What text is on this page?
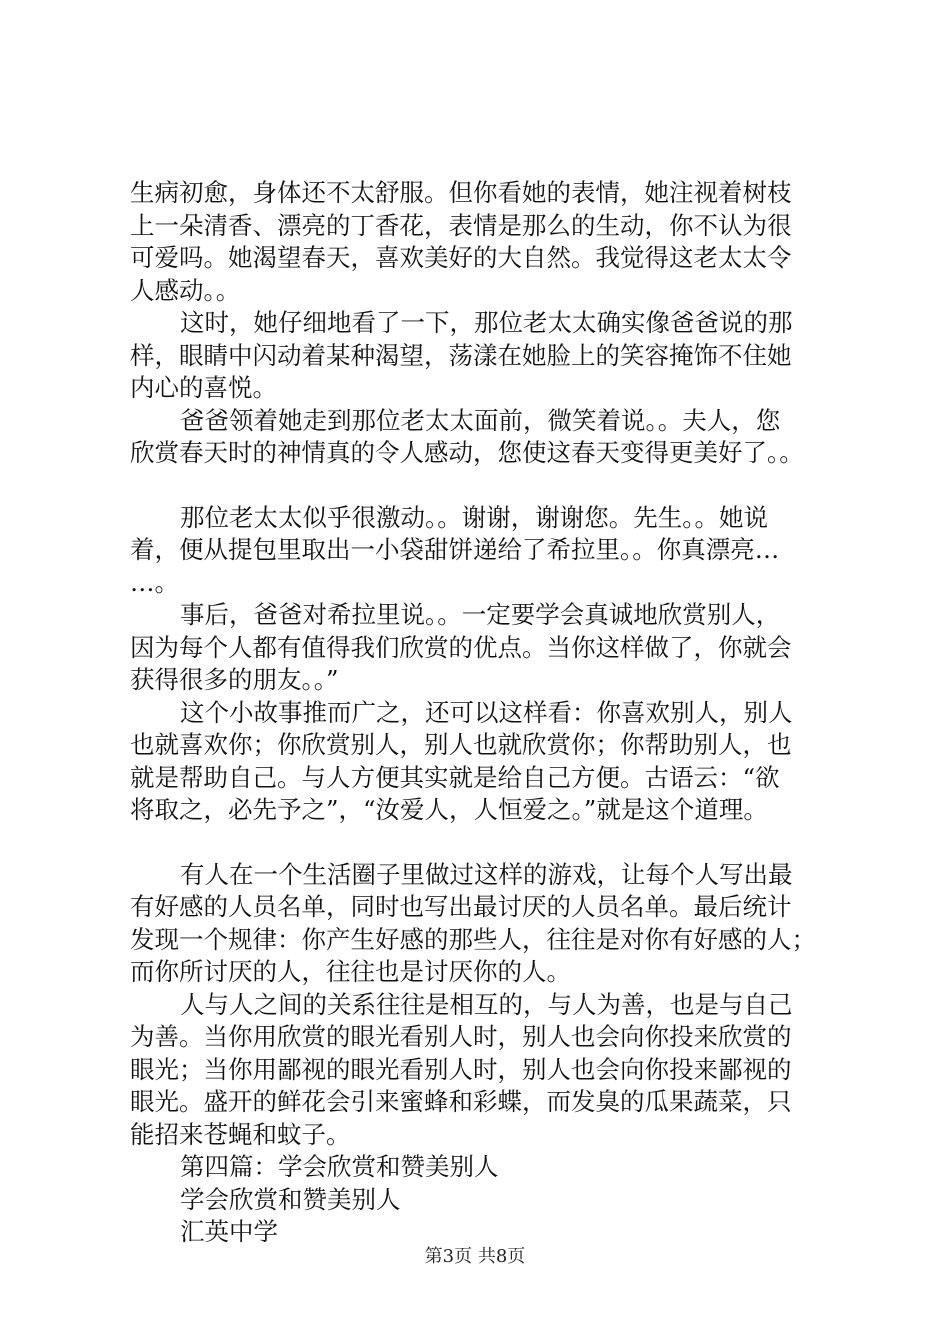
生病初愈，身体还不太舒服。但你看她的表情，她注视着树枝

上一朵清香、漂亮的丁香花，表情是那么的生动，你不认为很

可爱吗。她渴望春天，喜欢美好的大自然。我觉得这老太太令

人感动。。

这时，她仔细地看了一下，那位老太太确实像爸爸说的那

样，眼睛中闪动着某种渴望，荡漾在她脸上的笑容掩饰不住她

内心的喜悦。

爸爸领着她走到那位老太太面前，微笑着说。。夫人，您

欣赏春天时的神情真的令人感动，您使这春天变得更美好了。。

那位老太太似乎很激动。。谢谢，谢谢您。先生。。她说

着，便从提包里取出一小袋甜饼递给了希拉里。。你真漂亮…

…。

事后，爸爸对希拉里说。。一定要学会真诚地欣赏别人，

因为每个人都有值得我们欣赏的优点。当你这样做了，你就会

获得很多的朋友。。”

这个小故事推而广之，还可以这样看：你喜欢别人，别人

也就喜欢你；你欣赏别人，别人也就欣赏你；你帮助别人，也

就是帮助自己。与人方便其实就是给自己方便。古语云：“欲

将取之，必先予之”，“汝爱人，人恒爱之。”就是这个道理。

有人在一个生活圈子里做过这样的游戏，让每个人写出最

有好感的人员名单，同时也写出最讨厌的人员名单。最后统计

发现一个规律：你产生好感的那些人，往往是对你有好感的人；

而你所讨厌的人，往往也是讨厌你的人。

人与人之间的关系往往是相互的，与人为善，也是与自己

为善。当你用欣赏的眼光看别人时，别人也会向你投来欣赏的

眼光；当你用鄙视的眼光看别人时，别人也会向你投来鄙视的

眼光。盛开的鲜花会引来蜜蜂和彩蝶，而发臭的瓜果蔬菜，只

能招来苍蝇和蚊子。

第四篇：学会欣赏和赞美别人

学会欣赏和赞美别人

汇英中学

第3页 共8页
